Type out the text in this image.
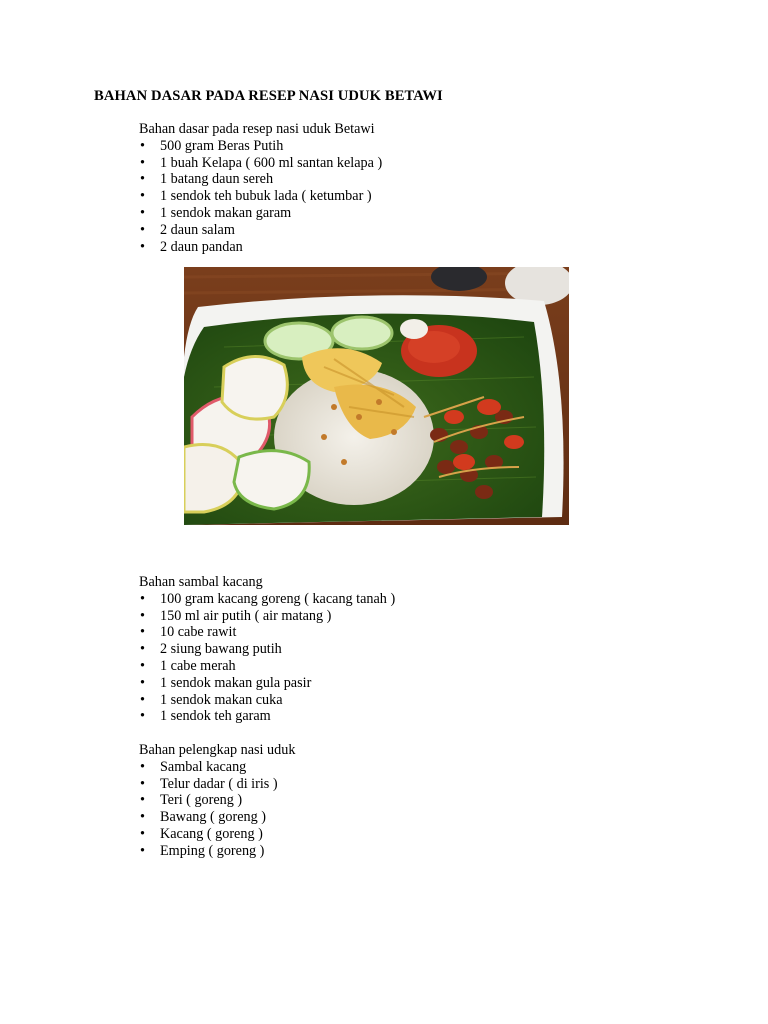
BAHAN DASAR PADA RESEP NASI UDUK BETAWI
Bahan dasar pada resep nasi uduk Betawi
• 500 gram Beras Putih
• 1 buah Kelapa ( 600 ml santan kelapa )
• 1 batang daun sereh
• 1 sendok teh bubuk lada ( ketumbar )
• 1 sendok makan garam
• 2 daun salam
• 2 daun pandan
Bahan sambal kacang
• 100 gram kacang goreng ( kacang tanah )
• 150 ml air putih ( air matang )
• 10 cabe rawit
• 2 siung bawang putih
• 1 cabe merah
• 1 sendok makan gula pasir
• 1 sendok makan cuka
• 1 sendok teh garam
Bahan pelengkap nasi uduk
• Sambal kacang
• Telur dadar ( di iris )
• Teri ( goreng )
• Bawang ( goreng )
• Kacang ( goreng )
• Emping ( goreng )
